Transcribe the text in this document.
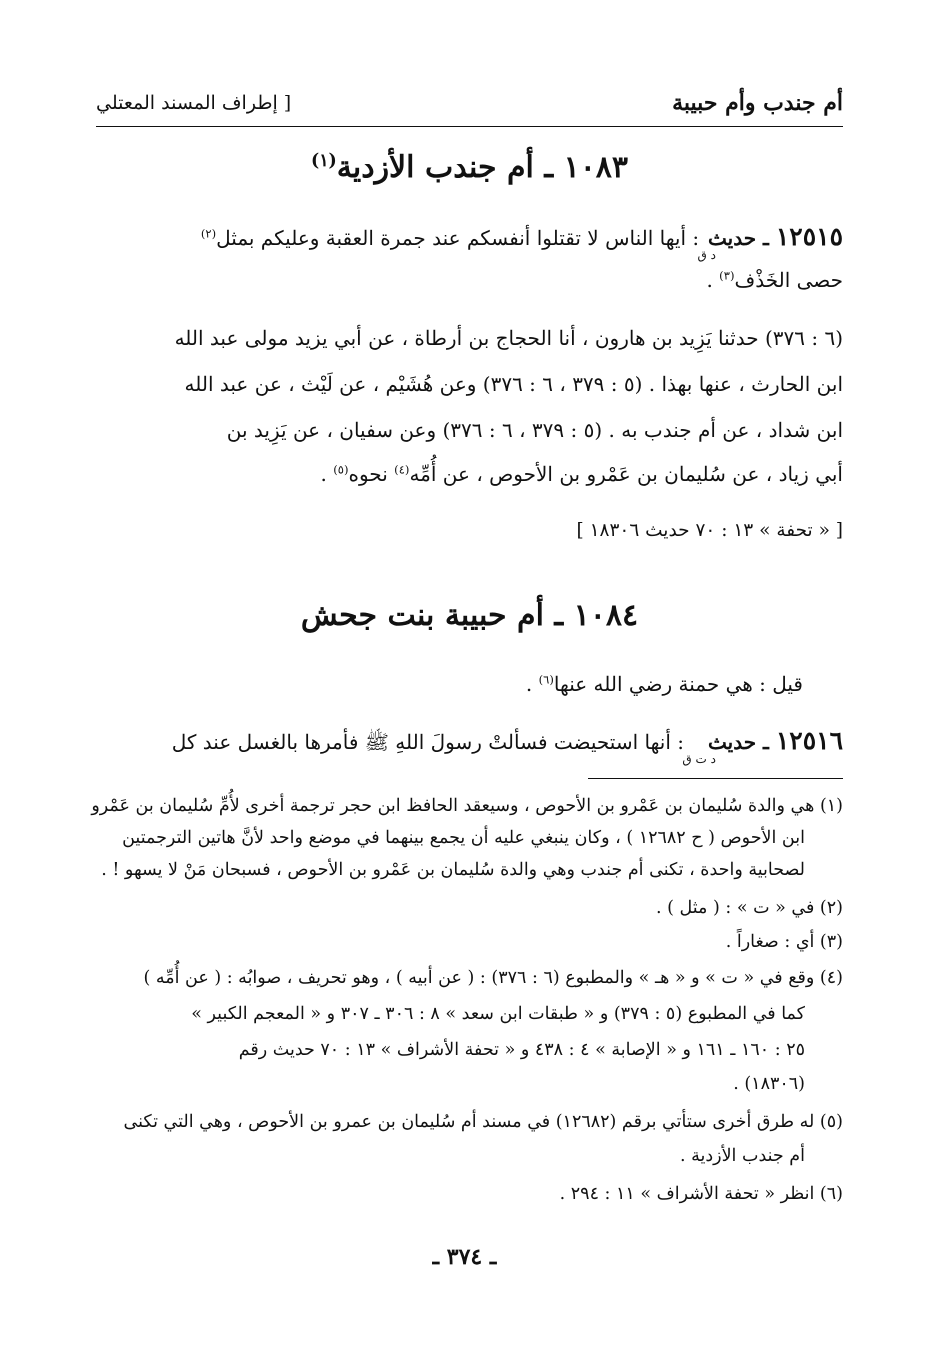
أم جندب وأم حبيبة
[ إطراف المسند المعتلي
١٠٨٣ ـ أم جندب الأزدية$^{(١)}$
١٢٥١٥ ـ حديثد ق : أيها الناس لا تقتلوا أنفسكم عند جمرة العقبة وعليكم بمثل$^{(٢)}$
حصى الخَذْف$^{(٣)}$ .
(٦ : ٣٧٦) حدثنا يَزِيد بن هارون ، أنا الحجاج بن أرطاة ، عن أبي يزيد مولى عبد الله
ابن الحارث ، عنها بهذا . (٥ : ٣٧٩ ، ٦ : ٣٧٦) وعن هُشَيْم ، عن لَيْث ، عن عبد الله
ابن شداد ، عن أم جندب به . (٥ : ٣٧٩ ، ٦ : ٣٧٦) وعن سفيان ، عن يَزِيد بن
أبي زياد ، عن سُليمان بن عَمْرو بن الأحوص ، عن أُمِّه$^{(٤)}$ نحوه$^{(٥)}$ .
[ « تحفة » ١٣ : ٧٠ حديث ١٨٣٠٦ ]
١٠٨٤ ـ أم حبيبة بنت جحش
قيل : هي حمنة رضي الله عنها$^{(٦)}$ .
١٢٥١٦ ـ حديثد ت ق : أنها استحيضت فسألتْ رسولَ اللهِ ﷺ فأمرها بالغسل عند كل
(١) هي والدة سُليمان بن عَمْرو بن الأحوص ، وسيعقد الحافظ ابن حجر ترجمة أخرى لأُمِّ سُليمان بن عَمْرو
ابن الأحوص ( ح ١٢٦٨٢ ) ، وكان ينبغي عليه أن يجمع بينهما في موضع واحد لأنَّ هاتين الترجمتين
لصحابية واحدة ، تكنى أم جندب وهي والدة سُليمان بن عَمْرو بن الأحوص ، فسبحان مَنْ لا يسهو ! .
(٢) في « ت » : ( مثل ) .
(٣) أي : صغاراً .
(٤) وقع في « ت » و « هـ » والمطبوع (٦ : ٣٧٦) : ( عن أبيه ) ، وهو تحريف ، صوابُه : ( عن أُمِّه )
كما في المطبوع (٥ : ٣٧٩) و « طبقات ابن سعد » ٨ : ٣٠٦ ـ ٣٠٧ و « المعجم الكبير »
٢٥ : ١٦٠ ـ ١٦١ و « الإصابة » ٤ : ٤٣٨ و « تحفة الأشراف » ١٣ : ٧٠ حديث رقم
(١٨٣٠٦) .
(٥) له طرق أخرى ستأتي برقم (١٢٦٨٢) في مسند أم سُليمان بن عمرو بن الأحوص ، وهي التي تكنى
أم جندب الأزدية .
(٦) انظر « تحفة الأشراف » ١١ : ٢٩٤ .
ـ ٣٧٤ ـ
